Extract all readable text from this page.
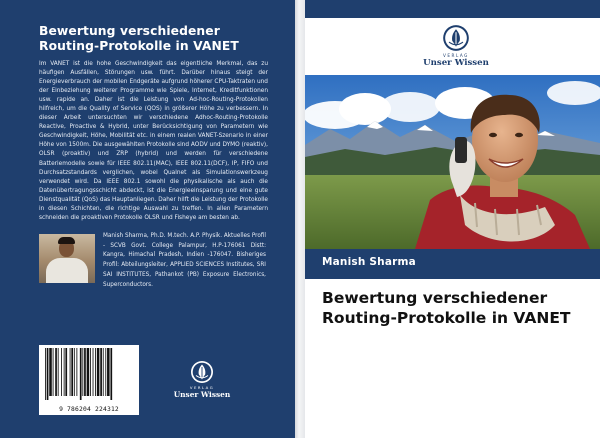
Bewertung verschiedener Routing-Protokolle in VANET
Im VANET ist die hohe Geschwindigkeit das eigentliche Merkmal, das zu häufigen Ausfällen, Störungen usw. führt. Darüber hinaus steigt der Energieverbrauch der mobilen Endgeräte aufgrund höherer CPU-Taktraten und der Einbeziehung weiterer Programme wie Spiele, Internet, Kreditfunktionen usw. rapide an. Daher ist die Leistung von Ad-hoc-Routing-Protokollen hilfreich, um die Quality of Service (QOS) in größerer Höhe zu verbessern. In dieser Arbeit untersuchten wir verschiedene Adhoc-Routing-Protokolle Reactive, Proactive & Hybrid, unter Berücksichtigung von Parametern wie Geschwindigkeit, Höhe, Mobilität etc. in einem realen VANET-Szenario in einer Höhe von 1500m. Die ausgewählten Protokolle sind AODV und DYMO (reaktiv), OLSR (proaktiv) und ZRP (hybrid) und werden für verschiedene Batteriemodelle sowie für IEEE 802.11(MAC), IEEE 802.11(DCF), IP, FIFO und Durchsatzstandards verglichen, wobei Qualnet als Simulationswerkzeug verwendet wird. Da IEEE 802.1 sowohl die physikalische als auch die Datenübertragungsschicht abdeckt, ist die Energieeinsparung und eine gute Dienstqualität (QoS) das Hauptanliegen. Daher hilft die Leistung der Protokolle in diesen Schichten, die richtige Auswahl zu treffen. In allen Parametern schneiden die proaktiven Protokolle OLSR und Fisheye am besten ab.
Manish Sharma, Ph.D. M.tech. A.P. Physik. Aktuelles Profil - SCVB Govt. College Palampur, H.P-176061 Distt: Kangra, Himachal Pradesh, Indien -176047. Bisheriges Profil: Abteilungsleiter, APPLIED SCIENCES Institutes, SRI SAI INSTITUTES, Pathankot (PB) Exposure Electronics, Superconductors.
9 786204 224312
VERLAG
Unser Wissen
VERLAG
Unser Wissen
Manish Sharma
Bewertung verschiedener Routing-Protokolle in VANET
